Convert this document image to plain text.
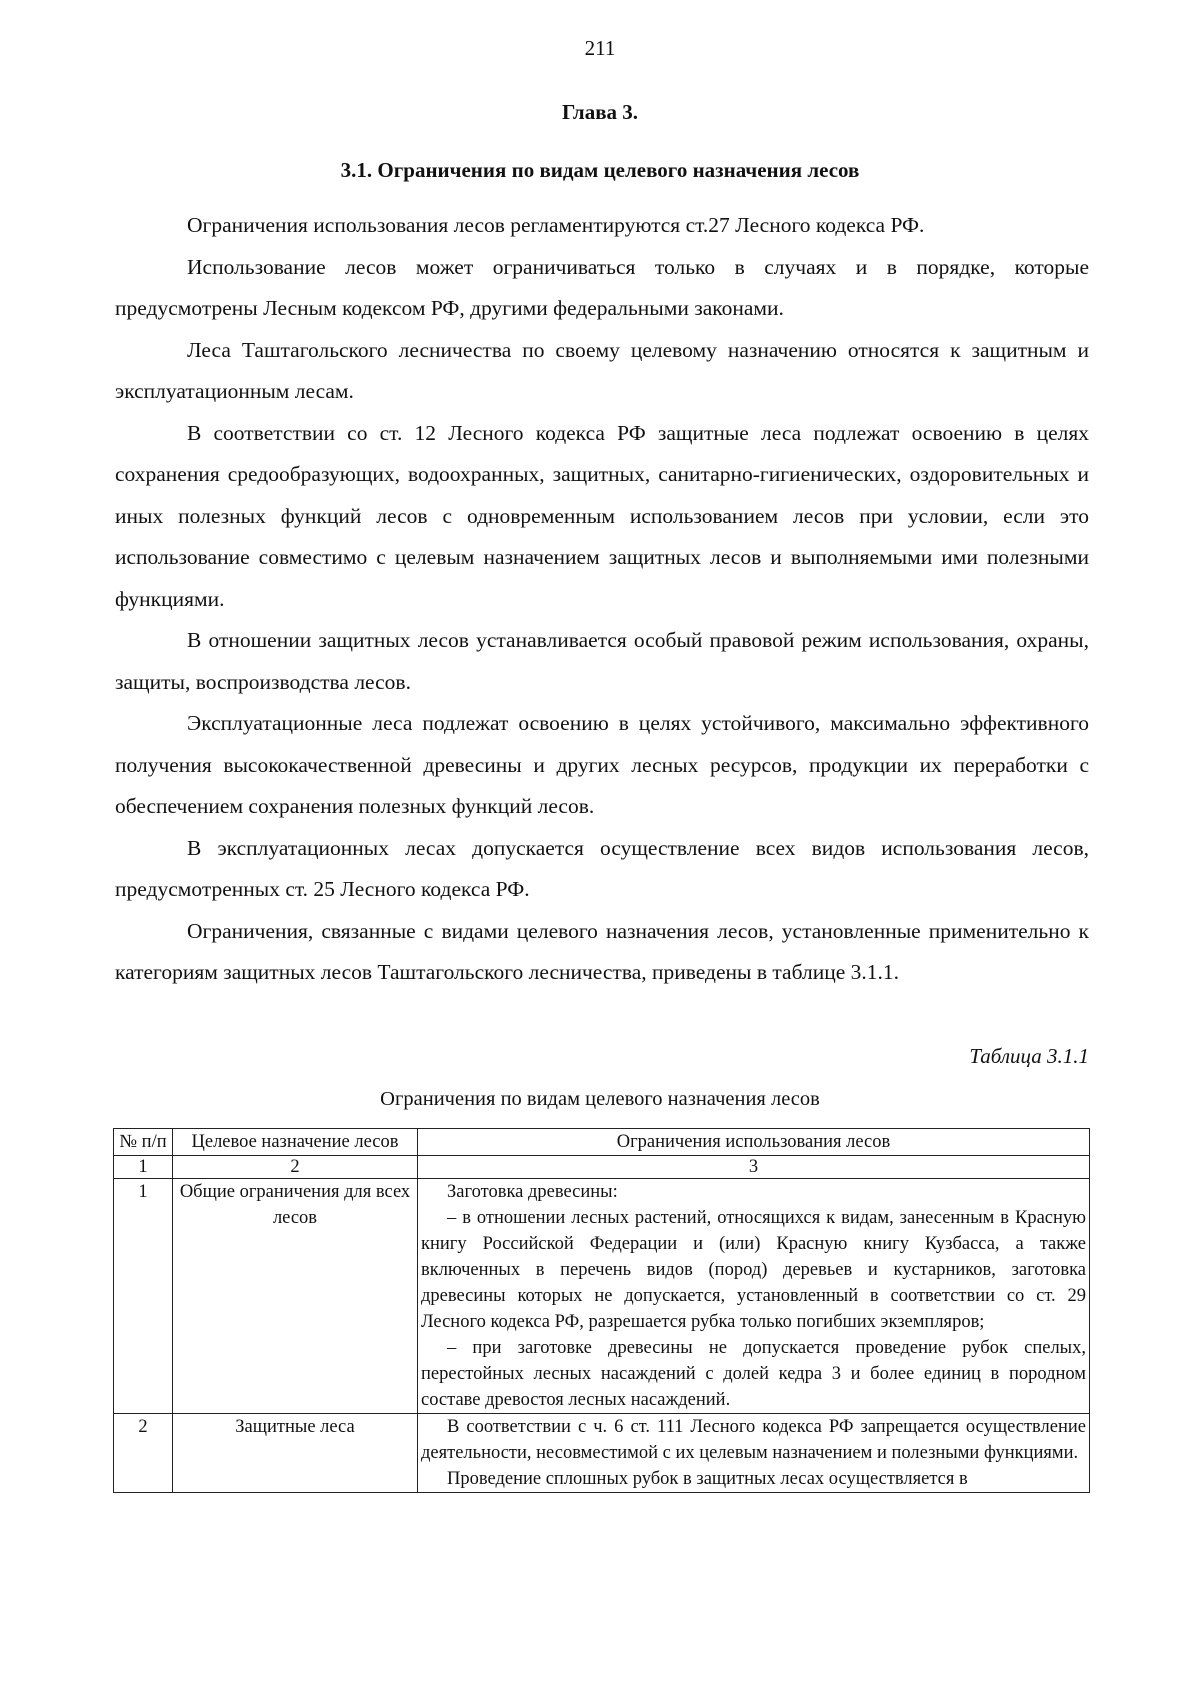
211
Глава 3.
3.1. Ограничения по видам целевого назначения лесов

Ограничения использования лесов регламентируются ст.27 Лесного кодекса РФ.

Использование лесов может ограничиваться только в случаях и в порядке, которые предусмотрены Лесным кодексом РФ, другими федеральными законами.

Леса Таштагольского лесничества по своему целевому назначению относятся к защитным и эксплуатационным лесам.

В соответствии со ст. 12 Лесного кодекса РФ защитные леса подлежат освоению в целях сохранения средообразующих, водоохранных, защитных, санитарно-гигиенических, оздоровительных и иных полезных функций лесов с одновременным использованием лесов при условии, если это использование совместимо с целевым назначением защитных лесов и выполняемыми ими полезными функциями.

В отношении защитных лесов устанавливается особый правовой режим использования, охраны, защиты, воспроизводства лесов.

Эксплуатационные леса подлежат освоению в целях устойчивого, максимально эффективного получения высококачественной древесины и других лесных ресурсов, продукции их переработки с обеспечением сохранения полезных функций лесов.

В эксплуатационных лесах допускается осуществление всех видов использования лесов, предусмотренных ст. 25 Лесного кодекса РФ.

Ограничения, связанные с видами целевого назначения лесов, установленные применительно к категориям защитных лесов Таштагольского лесничества, приведены в таблице 3.1.1.

Таблица 3.1.1
Ограничения по видам целевого назначения лесов
№ п/п	Целевое назначение лесов	Ограничения использования лесов
1	2	3
1	Общие ограничения для всех лесов	Заготовка древесины:

– в отношении лесных растений, относящихся к видам, занесенным в Красную книгу Российской Федерации и (или) Красную книгу Кузбасса, а также включенных в перечень видов (пород) деревьев и кустарников, заготовка древесины которых не допускается, установленный в соответствии со ст. 29 Лесного кодекса РФ, разрешается рубка только погибших экземпляров;

– при заготовке древесины не допускается проведение рубок спелых, перестойных лесных насаждений с долей кедра 3 и более единиц в породном составе древостоя лесных насаждений.

2	Защитные леса	В соответствии с ч. 6 ст. 111 Лесного кодекса РФ запрещается осуществление деятельности, несовместимой с их целевым назначением и полезными функциями.

Проведение сплошных рубок в защитных лесах осуществляется в
